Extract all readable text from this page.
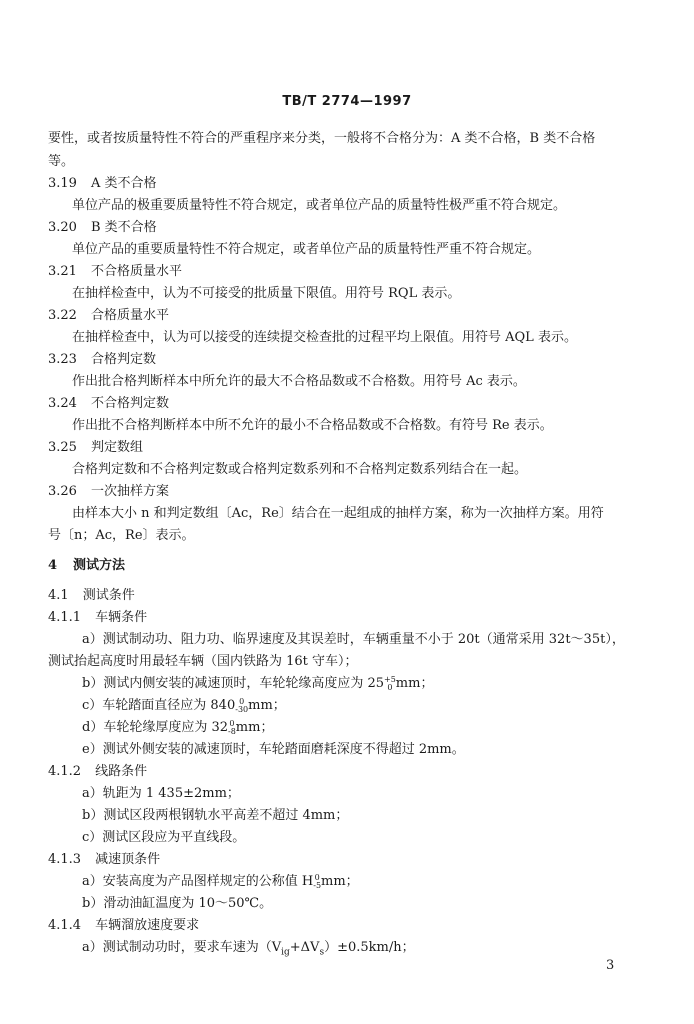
TB/T 2774—1997
要性，或者按质量特性不符合的严重程序来分类，一般将不合格分为：A 类不合格，B 类不合格
等。
3.19 A 类不合格
单位产品的极重要质量特性不符合规定，或者单位产品的质量特性极严重不符合规定。
3.20 B 类不合格
单位产品的重要质量特性不符合规定，或者单位产品的质量特性严重不符合规定。
3.21 不合格质量水平
在抽样检查中，认为不可接受的批质量下限值。用符号 RQL 表示。
3.22 合格质量水平
在抽样检查中，认为可以接受的连续提交检查批的过程平均上限值。用符号 AQL 表示。
3.23 合格判定数
作出批合格判断样本中所允许的最大不合格品数或不合格数。用符号 Ac 表示。
3.24 不合格判定数
作出批不合格判断样本中所不允许的最小不合格品数或不合格数。有符号 Re 表示。
3.25 判定数组
合格判定数和不合格判定数或合格判定数系列和不合格判定数系列结合在一起。
3.26 一次抽样方案
由样本大小 n 和判定数组〔Ac，Re〕结合在一起组成的抽样方案，称为一次抽样方案。用符
号〔n；Ac，Re〕表示。
4 测试方法
4.1 测试条件
4.1.1 车辆条件
a）测试制动功、阻力功、临界速度及其误差时，车辆重量不小于 20t（通常采用 32t～35t），
测试抬起高度时用最轻车辆（国内铁路为 16t 守车）；
b）测试内侧安装的减速顶时，车轮轮缘高度应为 25+5
0 mm；
c）车轮踏面直径应为 840 0
-30mm；
d）车轮轮缘厚度应为 320
-8mm；
e）测试外侧安装的减速顶时，车轮踏面磨耗深度不得超过 2mm。
4.1.2 线路条件
a）轨距为 1 435±2mm；
b）测试区段两根钢轨水平高差不超过 4mm；
c）测试区段应为平直线段。
4.1.3 减速顶条件
a）安装高度为产品图样规定的公称值 H0
-5mm；
b）滑动油缸温度为 10～50℃。
4.1.4 车辆溜放速度要求
a）测试制动功时，要求车速为$(V_{ig}+\Delta V_s)\pm 0.5km/h$；
3
